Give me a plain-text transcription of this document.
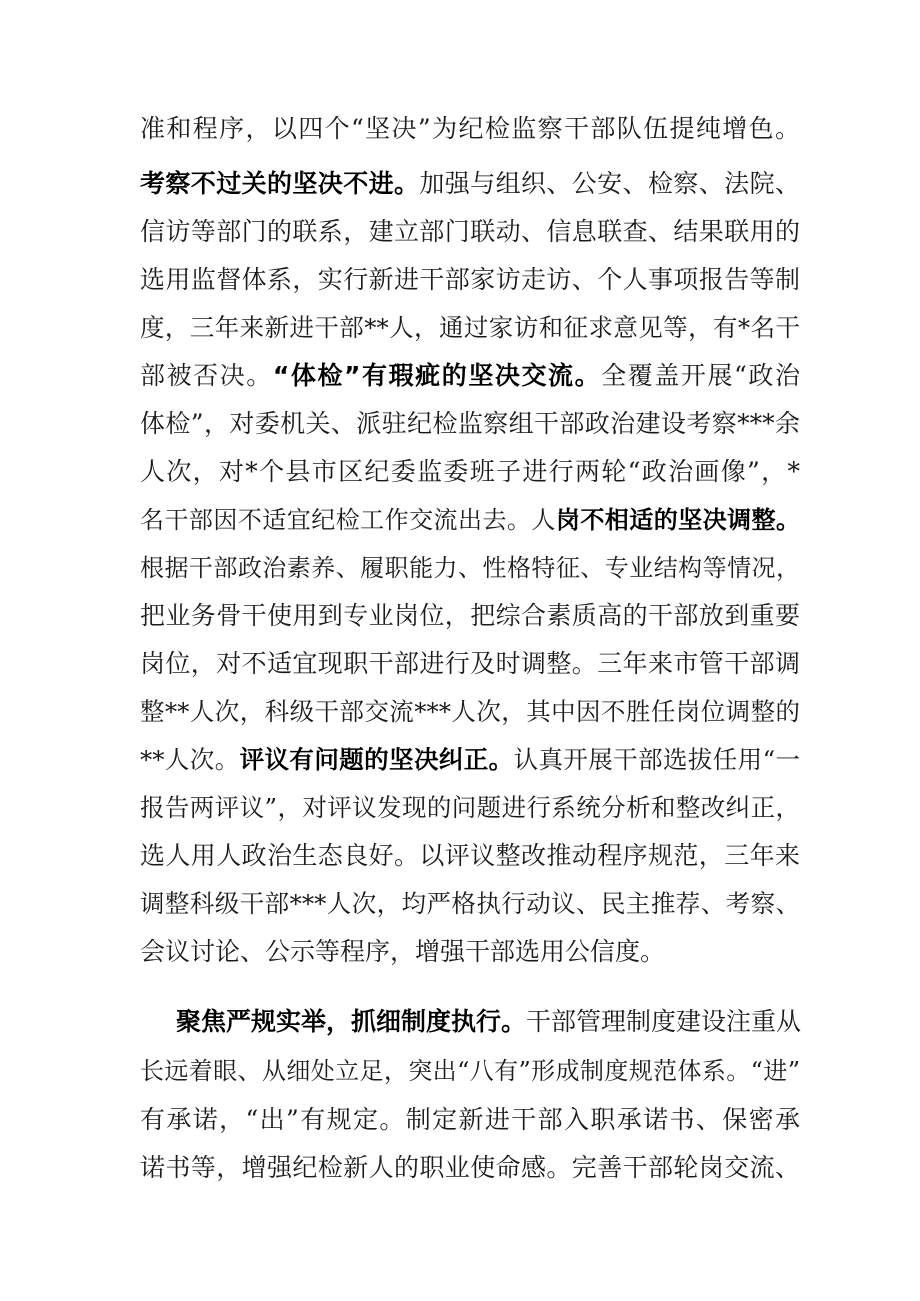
准和程序，以四个“坚决”为纪检监察干部队伍提纯增色。
考察不过关的坚决不进。加强与组织、公安、检察、法院、
信访等部门的联系，建立部门联动、信息联查、结果联用的
选用监督体系，实行新进干部家访走访、个人事项报告等制
度，三年来新进干部**人，通过家访和征求意见等，有*名干
部被否决。“体检”有瑕疵的坚决交流。全覆盖开展“政治
体检”，对委机关、派驻纪检监察组干部政治建设考察***余
人次，对*个县市区纪委监委班子进行两轮“政治画像”，*
名干部因不适宜纪检工作交流出去。人岗不相适的坚决调整。
根据干部政治素养、履职能力、性格特征、专业结构等情况，
把业务骨干使用到专业岗位，把综合素质高的干部放到重要
岗位，对不适宜现职干部进行及时调整。三年来市管干部调
整**人次，科级干部交流***人次，其中因不胜任岗位调整的
**人次。评议有问题的坚决纠正。认真开展干部选拔任用“一
报告两评议”，对评议发现的问题进行系统分析和整改纠正，
选人用人政治生态良好。以评议整改推动程序规范，三年来
调整科级干部***人次，均严格执行动议、民主推荐、考察、
会议讨论、公示等程序，增强干部选用公信度。
聚焦严规实举，抓细制度执行。干部管理制度建设注重从
长远着眼、从细处立足，突出“八有”形成制度规范体系。“进”
有承诺，“出”有规定。制定新进干部入职承诺书、保密承
诺书等，增强纪检新人的职业使命感。完善干部轮岗交流、
